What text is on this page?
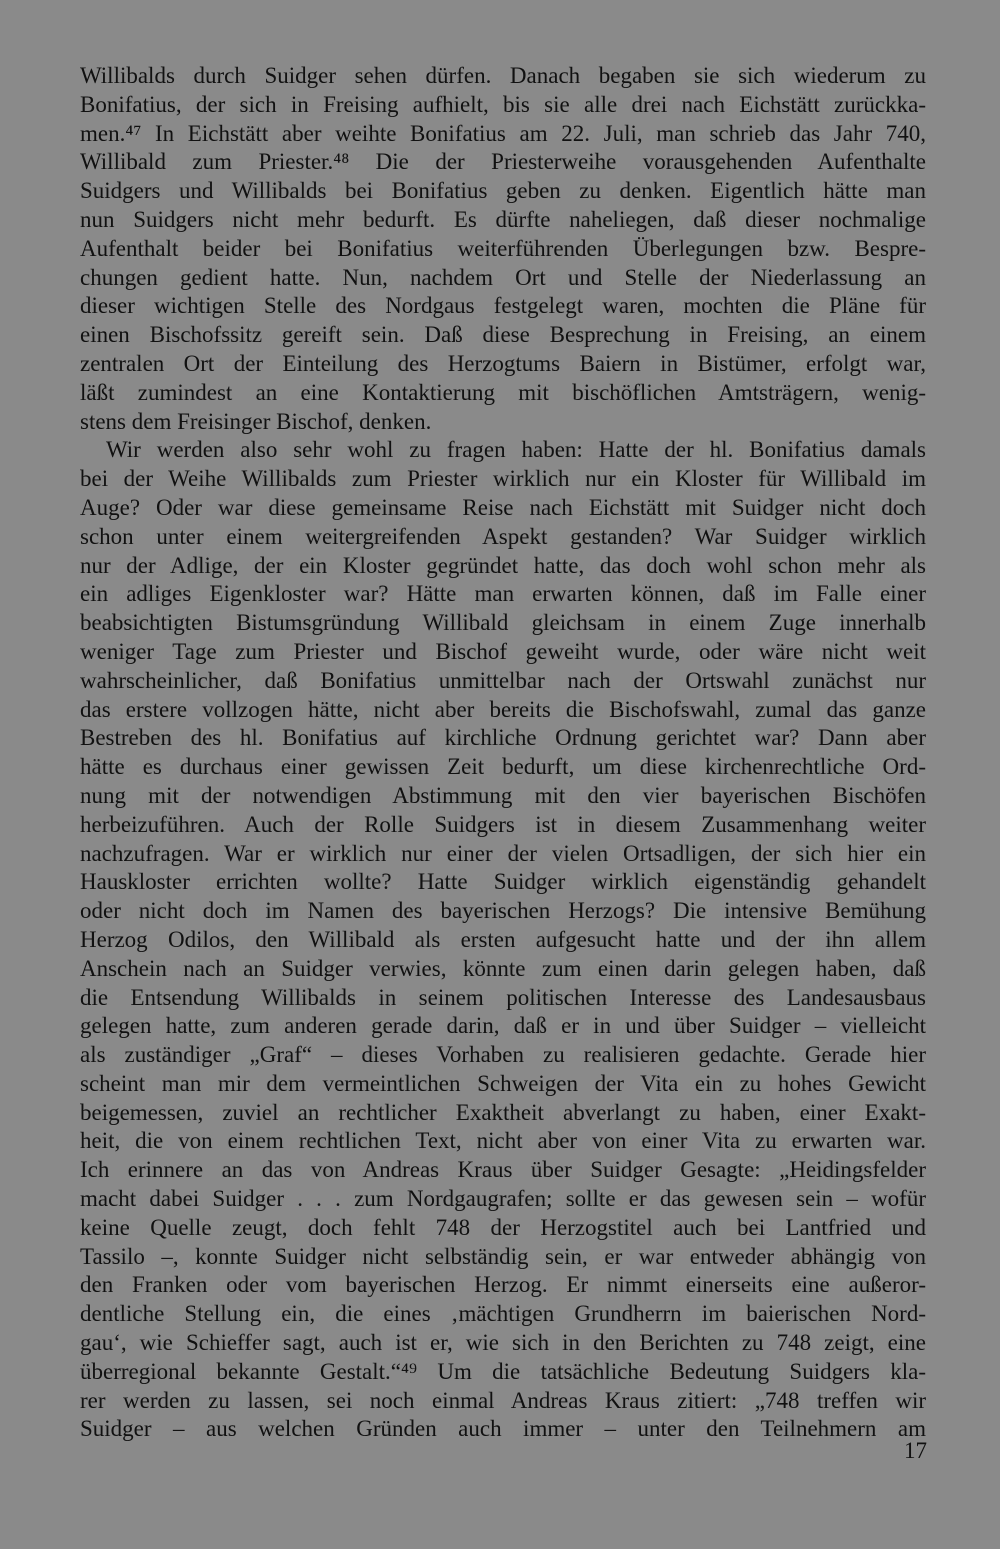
Willibalds durch Suidger sehen dürfen. Danach begaben sie sich wiederum zu
Bonifatius, der sich in Freising aufhielt, bis sie alle drei nach Eichstätt zurückka-
men.⁴⁷ In Eichstätt aber weihte Bonifatius am 22. Juli, man schrieb das Jahr 740,
Willibald zum Priester.⁴⁸ Die der Priesterweihe vorausgehenden Aufenthalte
Suidgers und Willibalds bei Bonifatius geben zu denken. Eigentlich hätte man
nun Suidgers nicht mehr bedurft. Es dürfte naheliegen, daß dieser nochmalige
Aufenthalt beider bei Bonifatius weiterführenden Überlegungen bzw. Bespre-
chungen gedient hatte. Nun, nachdem Ort und Stelle der Niederlassung an
dieser wichtigen Stelle des Nordgaus festgelegt waren, mochten die Pläne für
einen Bischofssitz gereift sein. Daß diese Besprechung in Freising, an einem
zentralen Ort der Einteilung des Herzogtums Baiern in Bistümer, erfolgt war,
läßt zumindest an eine Kontaktierung mit bischöflichen Amtsträgern, wenig-
stens dem Freisinger Bischof, denken.
Wir werden also sehr wohl zu fragen haben: Hatte der hl. Bonifatius damals
bei der Weihe Willibalds zum Priester wirklich nur ein Kloster für Willibald im
Auge? Oder war diese gemeinsame Reise nach Eichstätt mit Suidger nicht doch
schon unter einem weitergreifenden Aspekt gestanden? War Suidger wirklich
nur der Adlige, der ein Kloster gegründet hatte, das doch wohl schon mehr als
ein adliges Eigenkloster war? Hätte man erwarten können, daß im Falle einer
beabsichtigten Bistumsgründung Willibald gleichsam in einem Zuge innerhalb
weniger Tage zum Priester und Bischof geweiht wurde, oder wäre nicht weit
wahrscheinlicher, daß Bonifatius unmittelbar nach der Ortswahl zunächst nur
das erstere vollzogen hätte, nicht aber bereits die Bischofswahl, zumal das ganze
Bestreben des hl. Bonifatius auf kirchliche Ordnung gerichtet war? Dann aber
hätte es durchaus einer gewissen Zeit bedurft, um diese kirchenrechtliche Ord-
nung mit der notwendigen Abstimmung mit den vier bayerischen Bischöfen
herbeizuführen. Auch der Rolle Suidgers ist in diesem Zusammenhang weiter
nachzufragen. War er wirklich nur einer der vielen Ortsadligen, der sich hier ein
Hauskloster errichten wollte? Hatte Suidger wirklich eigenständig gehandelt
oder nicht doch im Namen des bayerischen Herzogs? Die intensive Bemühung
Herzog Odilos, den Willibald als ersten aufgesucht hatte und der ihn allem
Anschein nach an Suidger verwies, könnte zum einen darin gelegen haben, daß
die Entsendung Willibalds in seinem politischen Interesse des Landesausbaus
gelegen hatte, zum anderen gerade darin, daß er in und über Suidger – vielleicht
als zuständiger „Graf“ – dieses Vorhaben zu realisieren gedachte. Gerade hier
scheint man mir dem vermeintlichen Schweigen der Vita ein zu hohes Gewicht
beigemessen, zuviel an rechtlicher Exaktheit abverlangt zu haben, einer Exakt-
heit, die von einem rechtlichen Text, nicht aber von einer Vita zu erwarten war.
Ich erinnere an das von Andreas Kraus über Suidger Gesagte: „Heidingsfelder
macht dabei Suidger . . . zum Nordgaugrafen; sollte er das gewesen sein – wofür
keine Quelle zeugt, doch fehlt 748 der Herzogstitel auch bei Lantfried und
Tassilo –, konnte Suidger nicht selbständig sein, er war entweder abhängig von
den Franken oder vom bayerischen Herzog. Er nimmt einerseits eine außeror-
dentliche Stellung ein, die eines ‚mächtigen Grundherrn im baierischen Nord-
gau‘, wie Schieffer sagt, auch ist er, wie sich in den Berichten zu 748 zeigt, eine
überregional bekannte Gestalt.“⁴⁹ Um die tatsächliche Bedeutung Suidgers kla-
rer werden zu lassen, sei noch einmal Andreas Kraus zitiert: „748 treffen wir
Suidger – aus welchen Gründen auch immer – unter den Teilnehmern am
17
